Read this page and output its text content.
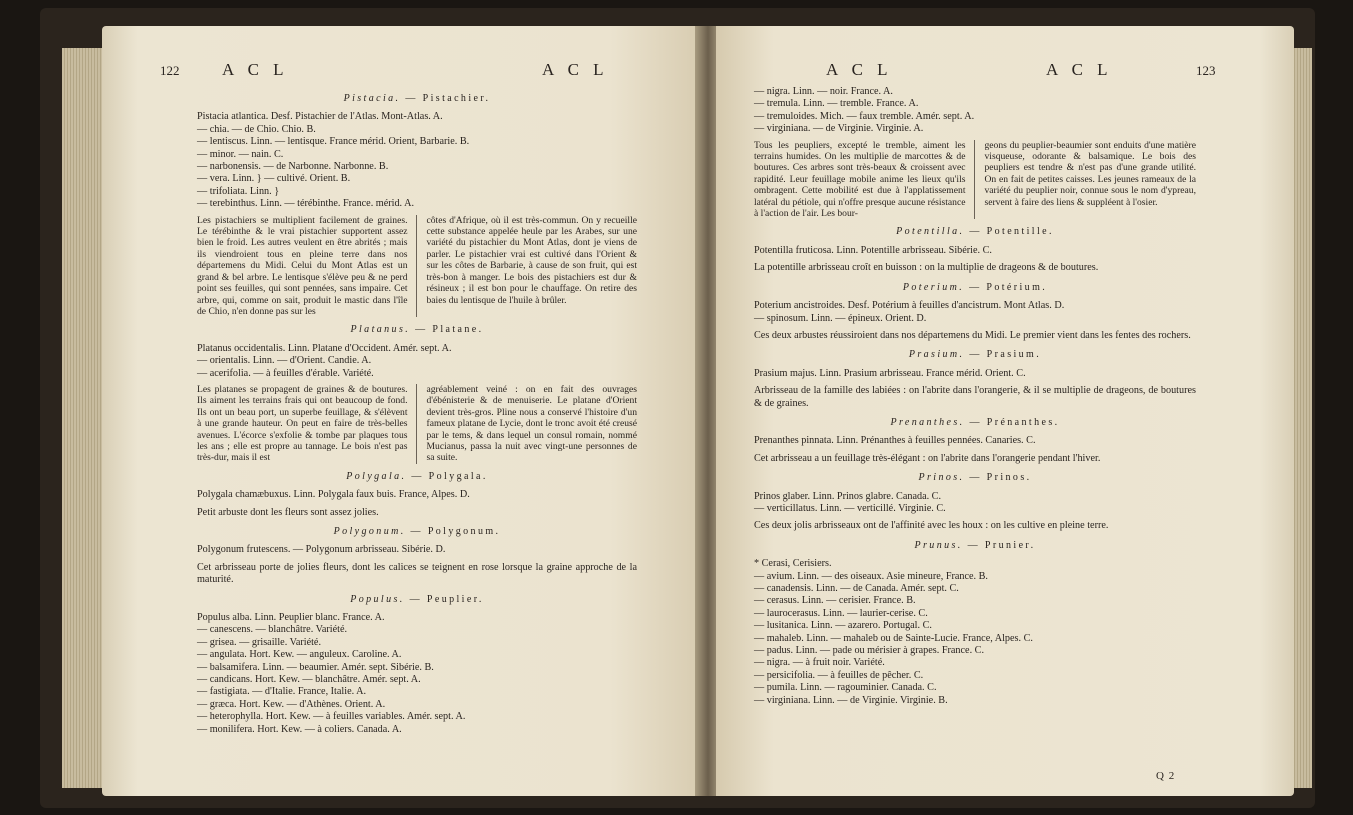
122	A C L	A C L
Pistacia. — Pistachier.
Pistacia atlantica. Desf. Pistachier de l'Atlas. Mont-Atlas. A.
— chia. — de Chio. Chio. B.
— lentiscus. Linn. — lentisque. France mérid. Orient, Barbarie. B.
— minor. — nain. C.
— narbonensis. — de Narbonne. Narbonne. B.
— vera. Linn. } — cultivé. Orient. B.
— trifoliata. Linn. }
— terebinthus. Linn. — térébinthe. France. mérid. A.

Les pistachiers se multiplient facilement de graines. Le térébinthe & le vrai pistachier supportent assez bien le froid. Les autres veulent en être abrités ; mais ils viendroient tous en pleine terre dans nos départemens du Midi. Celui du Mont Atlas est un grand & bel arbre. Le lentisque s'élève peu & ne perd point ses feuilles, qui sont pennées, sans impaire. Cet arbre, qui, comme on sait, produit le mastic dans l'île de Chio, n'en donne pas sur les

côtes d'Afrique, où il est très-commun. On y recueille cette substance appelée heule par les Arabes, sur une variété du pistachier du Mont Atlas, dont je viens de parler. Le pistachier vrai est cultivé dans l'Orient & sur les côtes de Barbarie, à cause de son fruit, qui est très-bon à manger. Le bois des pistachiers est dur & résineux ; il est bon pour le chauffage. On retire des baies du lentisque de l'huile à brûler.

Platanus. — Platane.
Platanus occidentalis. Linn. Platane d'Occident. Amér. sept. A.
— orientalis. Linn. — d'Orient. Candie. A.
— acerifolia. — à feuilles d'érable. Variété.

Les platanes se propagent de graines & de boutures. Ils aiment les terrains frais qui ont beaucoup de fond. Ils ont un beau port, un superbe feuillage, & s'élèvent à une grande hauteur. On peut en faire de très-belles avenues. L'écorce s'exfolie & tombe par plaques tous les ans ; elle est propre au tannage. Le bois n'est pas très-dur, mais il est

agréablement veiné : on en fait des ouvrages d'ébénisterie & de menuiserie. Le platane d'Orient devient très-gros. Pline nous a conservé l'histoire d'un fameux platane de Lycie, dont le tronc avoit été creusé par le tems, & dans lequel un consul romain, nommé Mucianus, passa la nuit avec vingt-une personnes de sa suite.

Polygala. — Polygala.
Polygala chamæbuxus. Linn. Polygala faux buis. France, Alpes. D.

Petit arbuste dont les fleurs sont assez jolies.

Polygonum. — Polygonum.
Polygonum frutescens. — Polygonum arbrisseau. Sibérie. D.

Cet arbrisseau porte de jolies fleurs, dont les calices se teignent en rose lorsque la graine approche de la maturité.

Populus. — Peuplier.
Populus alba. Linn. Peuplier blanc. France. A.
— canescens. — blanchâtre. Variété.
— grisea. — grisaille. Variété.
— angulata. Hort. Kew. — anguleux. Caroline. A.
— balsamifera. Linn. — beaumier. Amér. sept. Sibérie. B.
— candicans. Hort. Kew. — blanchâtre. Amér. sept. A.
— fastigiata. — d'Italie. France, Italie. A.
— græca. Hort. Kew. — d'Athènes. Orient. A.
— heterophylla. Hort. Kew. — à feuilles variables. Amér. sept. A.
— monilifera. Hort. Kew. — à coliers. Canada. A.
A C L	A C L	123
— nigra. Linn. — noir. France. A.
— tremula. Linn. — tremble. France. A.
— tremuloides. Mich. — faux tremble. Amér. sept. A.
— virginiana. — de Virginie. Virginie. A.

Tous les peupliers, excepté le tremble, aiment les terrains humides. On les multiplie de marcottes & de boutures. Ces arbres sont très-beaux & croissent avec rapidité. Leur feuillage mobile anime les lieux qu'ils ombragent. Cette mobilité est due à l'applatissement latéral du pétiole, qui n'offre presque aucune résistance à l'action de l'air. Les bour-

geons du peuplier-beaumier sont enduits d'une matière visqueuse, odorante & balsamique. Le bois des peupliers est tendre & n'est pas d'une grande utilité. On en fait de petites caisses. Les jeunes rameaux de la variété du peuplier noir, connue sous le nom d'ypreau, servent à faire des liens & suppléent à l'osier.

Potentilla. — Potentille.
Potentilla fruticosa. Linn. Potentille arbrisseau. Sibérie. C.

La potentille arbrisseau croît en buisson : on la multiplie de drageons & de boutures.

Poterium. — Potérium.
Poterium ancistroides. Desf. Potérium à feuilles d'ancistrum. Mont Atlas. D.
— spinosum. Linn. — épineux. Orient. D.

Ces deux arbustes réussiroient dans nos départemens du Midi. Le premier vient dans les fentes des rochers.

Prasium. — Prasium.
Prasium majus. Linn. Prasium arbrisseau. France mérid. Orient. C.

Arbrisseau de la famille des labiées : on l'abrite dans l'orangerie, & il se multiplie de drageons, de boutures & de graines.

Prenanthes. — Prénanthes.
Prenanthes pinnata. Linn. Prénanthes à feuilles pennées. Canaries. C.

Cet arbrisseau a un feuillage très-élégant : on l'abrite dans l'orangerie pendant l'hiver.

Prinos. — Prinos.
Prinos glaber. Linn. Prinos glabre. Canada. C.
— verticillatus. Linn. — verticillé. Virginie. C.

Ces deux jolis arbrisseaux ont de l'affinité avec les houx : on les cultive en pleine terre.

Prunus. — Prunier.
* Cerasi, Cerisiers.
— avium. Linn. — des oiseaux. Asie mineure, France. B.
— canadensis. Linn. — de Canada. Amér. sept. C.
— cerasus. Linn. — cerisier. France. B.
— laurocerasus. Linn. — laurier-cerise. C.
— lusitanica. Linn. — azarero. Portugal. C.
— mahaleb. Linn. — mahaleb ou de Sainte-Lucie. France, Alpes. C.
— padus. Linn. — pade ou mérisier à grapes. France. C.
— nigra. — à fruit noir. Variété.
— persicifolia. — à feuilles de pêcher. C.
— pumila. Linn. — ragouminier. Canada. C.
— virginiana. Linn. — de Virginie. Virginie. B.
Q 2
